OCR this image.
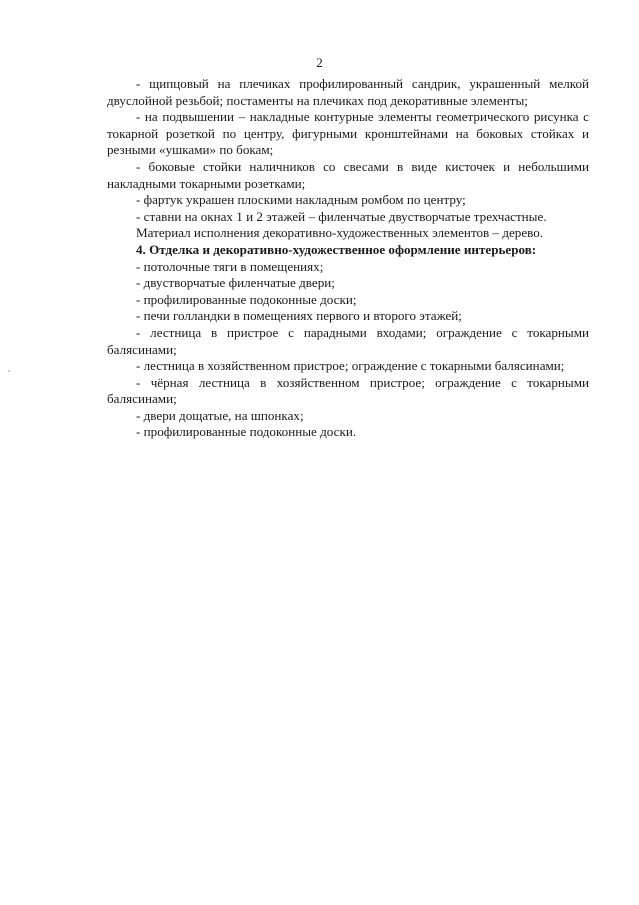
2

- щипцовый на плечиках профилированный сандрик, украшенный мелкой двуслойной резьбой; постаменты на плечиках под декоративные элементы;

- на подвышении – накладные контурные элементы геометрического рисунка с токарной розеткой по центру, фигурными кронштейнами на боковых стойках и резными «ушками» по бокам;

- боковые стойки наличников со свесами в виде кисточек и небольшими накладными токарными розетками;

- фартук украшен плоскими накладным ромбом по центру;

- ставни на окнах 1 и 2 этажей – филенчатые двустворчатые трехчастные.

Материал исполнения декоративно-художественных элементов – дерево.

4. Отделка и декоративно-художественное оформление интерьеров:

- потолочные тяги в помещениях;

- двустворчатые филенчатые двери;

- профилированные подоконные доски;

- печи голландки в помещениях первого и второго этажей;

- лестница в пристрое с парадными входами; ограждение с токарными балясинами;

- лестница в хозяйственном пристрое; ограждение с токарными балясинами;

- чёрная лестница в хозяйственном пристрое; ограждение с токарными балясинами;

- двери дощатые, на шпонках;

- профилированные подоконные доски.
